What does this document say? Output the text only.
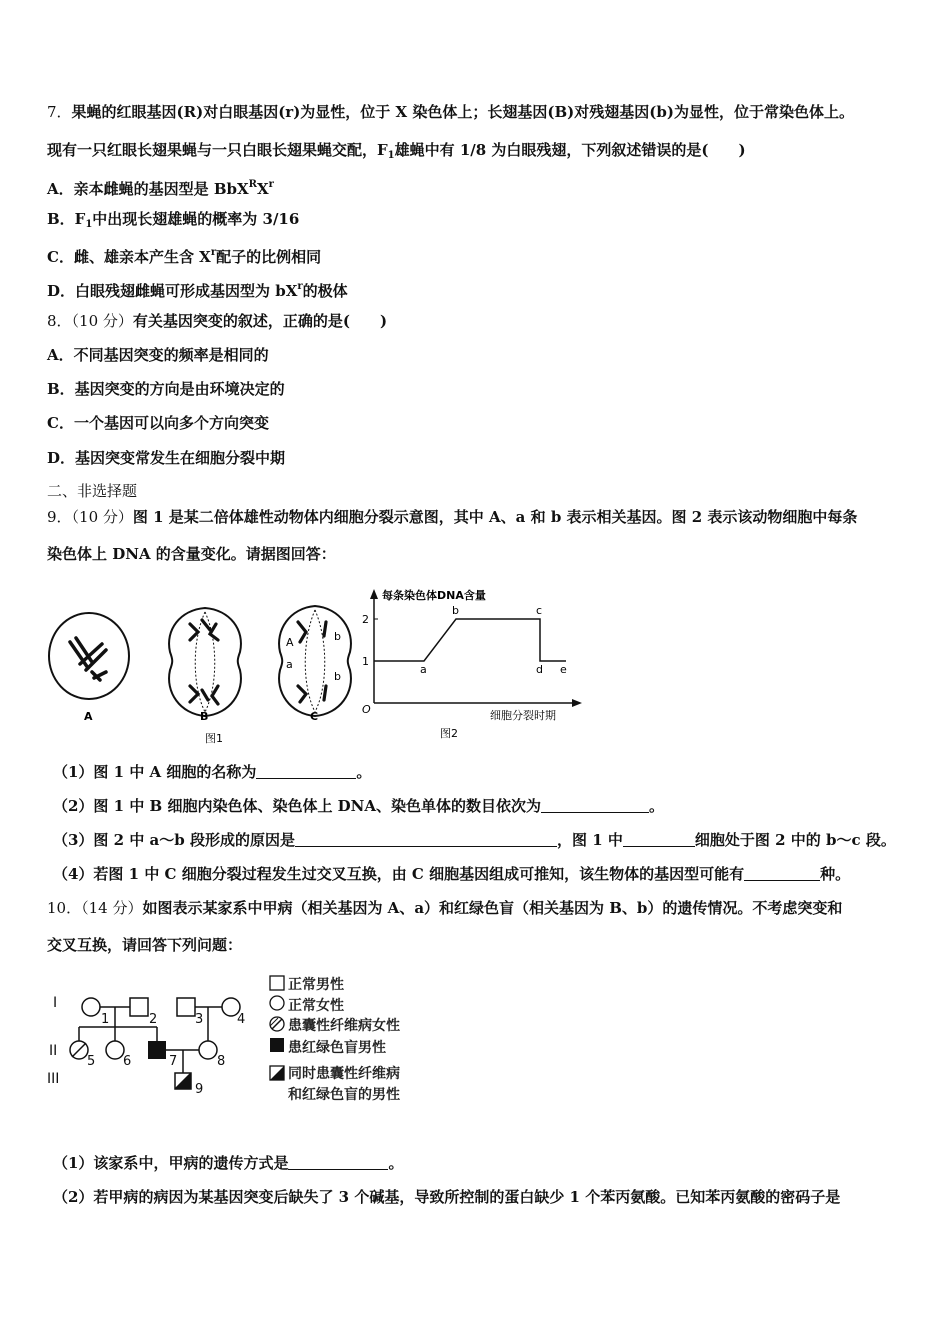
7．果蝇的红眼基因(R)对白眼基因(r)为显性，位于 X 染色体上；长翅基因(B)对残翅基因(b)为显性，位于常染色体上。
现有一只红眼长翅果蝇与一只白眼长翅果蝇交配，$F_1$雄蝇中有 1/8 为白眼残翅，下列叙述错误的是(　　)
A．亲本雌蝇的基因型是 $BbX^RX^r$
B．$F_1$中出现长翅雄蝇的概率为 3/16
C．雌、雄亲本产生含 $X^r$配子的比例相同
D．白眼残翅雌蝇可形成基因型为 $bX^r$的极体
8．（10 分）有关基因突变的叙述，正确的是(　　)
A．不同基因突变的频率是相同的
B．基因突变的方向是由环境决定的
C．一个基因可以向多个方向突变
D．基因突变常发生在细胞分裂中期
二、非选择题
9．（10 分）图 1 是某二倍体雄性动物体内细胞分裂示意图，其中 A、a 和 b 表示相关基因。图 2 表示该动物细胞中每条
染色体上 DNA 的含量变化。请据图回答：
A	B
A
a
b
b
C
图1
每条染色体DNA含量
2
1
a
b	c
d e
O	细胞分裂时期
图2
（1）图 1 中 A 细胞的名称为	。
（2）图 1 中 B 细胞内染色体、染色体上 DNA、染色单体的数目依次为	。
（3）图 2 中 a～b 段形成的原因是	，图 1 中	细胞处于图 2 中的 b～c 段。
（4）若图 1 中 C 细胞分裂过程发生过交叉互换，由 C 细胞基因组成可推知，该生物体的基因型可能有	种。
10．（14 分）如图表示某家系中甲病（相关基因为 A、a）和红绿色盲（相关基因为 B、b）的遗传情况。不考虑突变和
交叉互换，请回答下列问题：
I
II
III
1	2	3	4
5 6	7	8
9
正常男性
正常女性
患囊性纤维病女性
患红绿色盲男性
同时患囊性纤维病
和红绿色盲的男性
（1）该家系中，甲病的遗传方式是	。
（2）若甲病的病因为某基因突变后缺失了 3 个碱基，导致所控制的蛋白缺少 1 个苯丙氨酸。已知苯丙氨酸的密码子是
